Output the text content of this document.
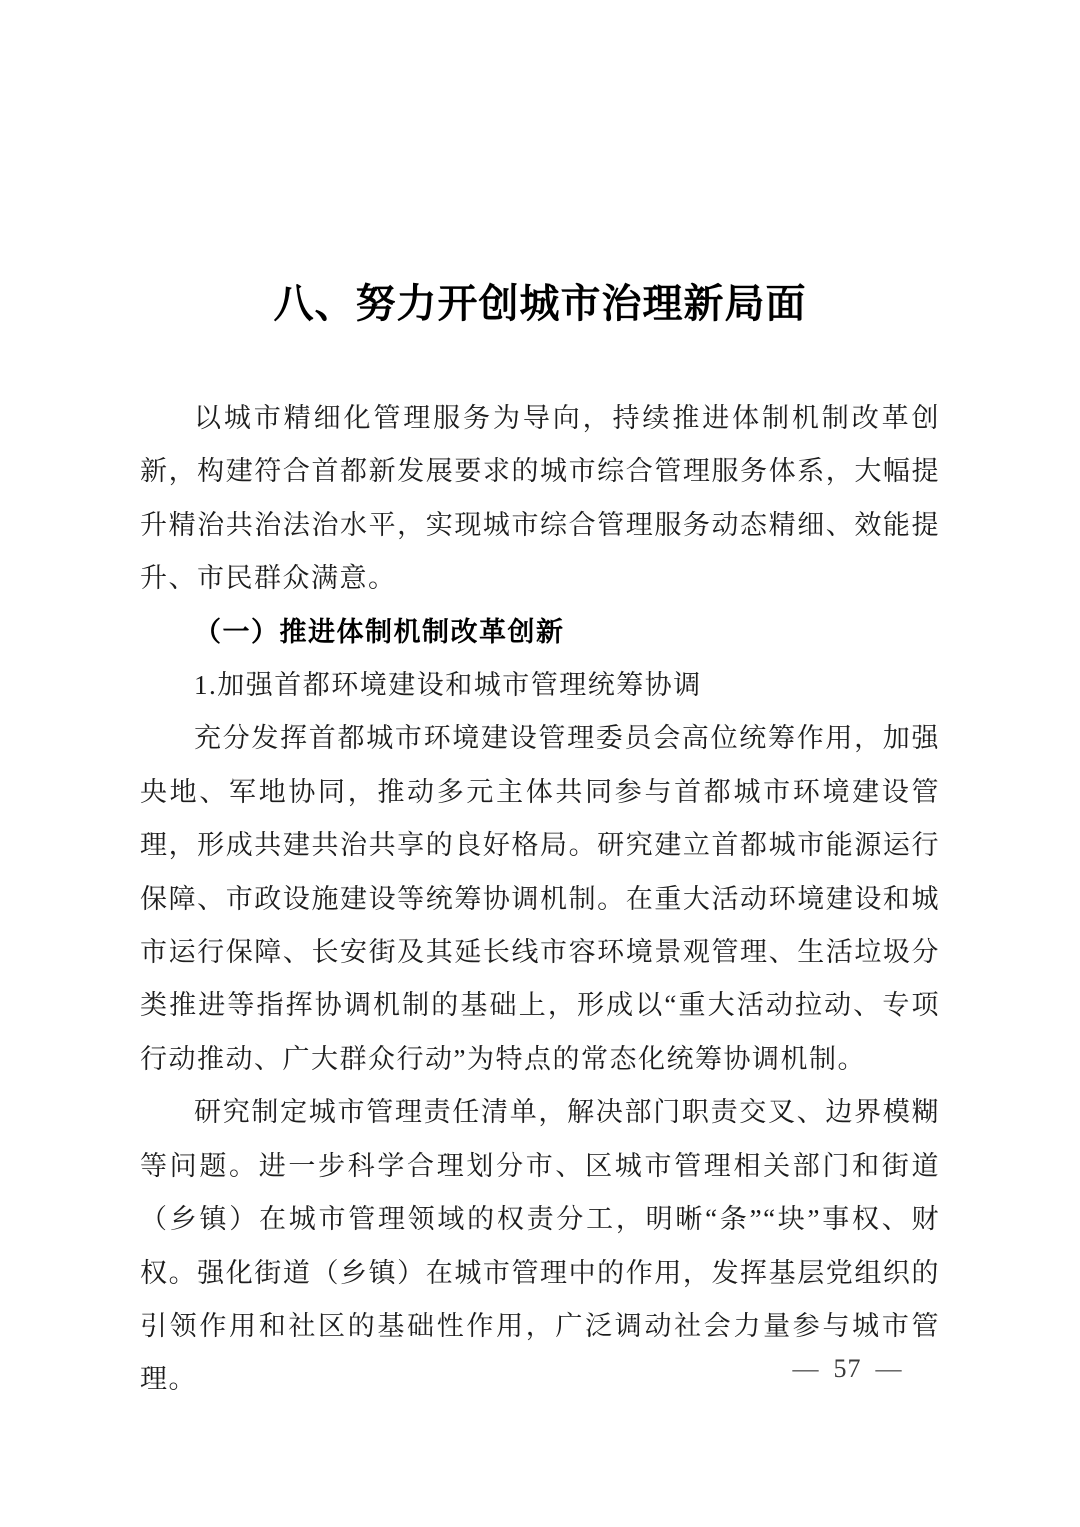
八、努力开创城市治理新局面

以城市精细化管理服务为导向，持续推进体制机制改革创新，构建符合首都新发展要求的城市综合管理服务体系，大幅提升精治共治法治水平，实现城市综合管理服务动态精细、效能提升、市民群众满意。

（一）推进体制机制改革创新

1.加强首都环境建设和城市管理统筹协调

充分发挥首都城市环境建设管理委员会高位统筹作用，加强央地、军地协同，推动多元主体共同参与首都城市环境建设管理，形成共建共治共享的良好格局。研究建立首都城市能源运行保障、市政设施建设等统筹协调机制。在重大活动环境建设和城市运行保障、长安街及其延长线市容环境景观管理、生活垃圾分类推进等指挥协调机制的基础上，形成以“重大活动拉动、专项行动推动、广大群众行动”为特点的常态化统筹协调机制。

研究制定城市管理责任清单，解决部门职责交叉、边界模糊等问题。进一步科学合理划分市、区城市管理相关部门和街道（乡镇）在城市管理领域的权责分工，明晰“条”“块”事权、财权。强化街道（乡镇）在城市管理中的作用，发挥基层党组织的引领作用和社区的基础性作用，广泛调动社会力量参与城市管理。	— 57 —
